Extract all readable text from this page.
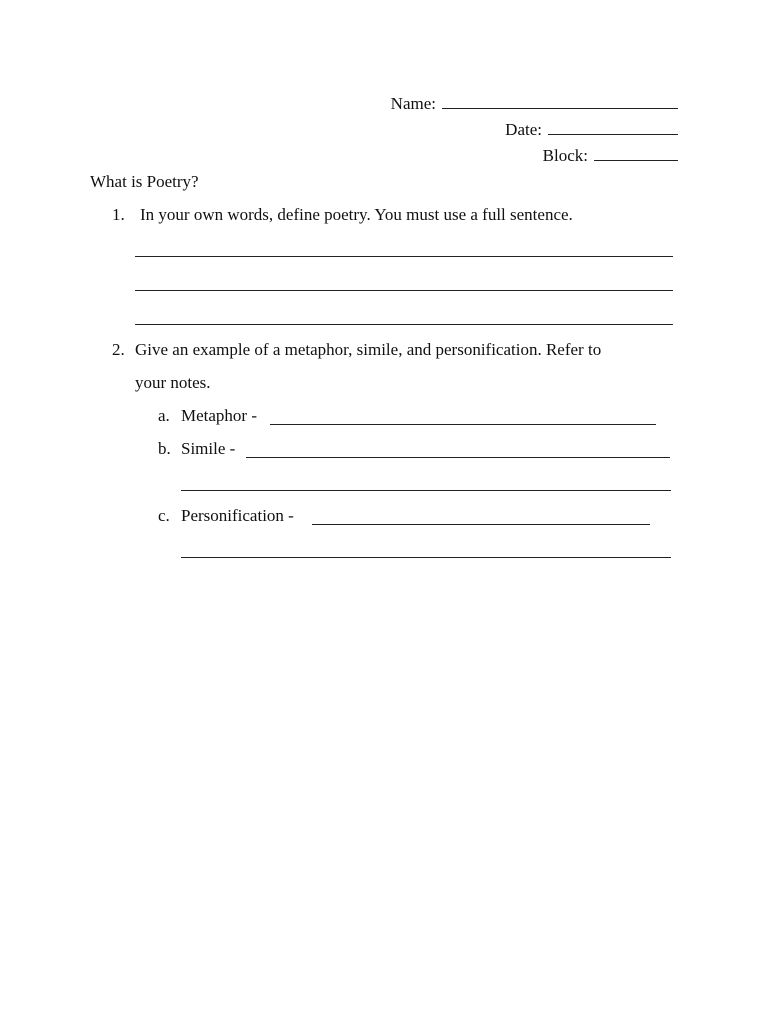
Name:
Date:
Block:
What is Poetry?
1. In your own words, define poetry. You must use a full sentence.
2. Give an example of a metaphor, simile, and personification. Refer to
your notes.
a. Metaphor -
b. Simile -
c. Personification -
